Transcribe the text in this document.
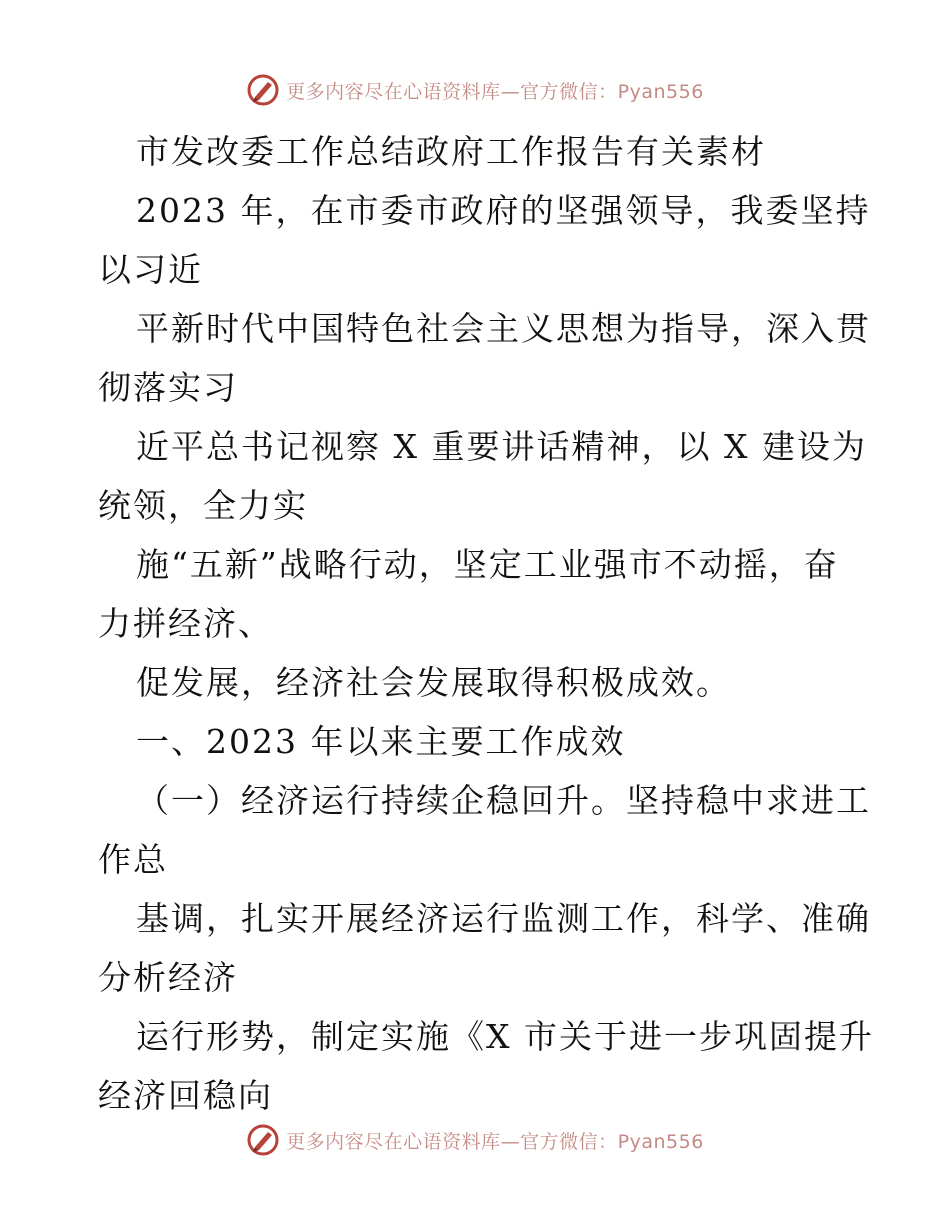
更多内容尽在心语资料库—官方微信：Pyan556
市发改委工作总结政府工作报告有关素材
2023 年，在市委市政府的坚强领导，我委坚持
以习近
平新时代中国特色社会主义思想为指导，深入贯
彻落实习
近平总书记视察 X 重要讲话精神，以 X 建设为
统领，全力实
施“五新”战略行动，坚定工业强市不动摇，奋
力拼经济、
促发展，经济社会发展取得积极成效。
一、2023 年以来主要工作成效
（一）经济运行持续企稳回升。坚持稳中求进工
作总
基调，扎实开展经济运行监测工作，科学、准确
分析经济
运行形势，制定实施《X 市关于进一步巩固提升
经济回稳向
更多内容尽在心语资料库—官方微信：Pyan556
